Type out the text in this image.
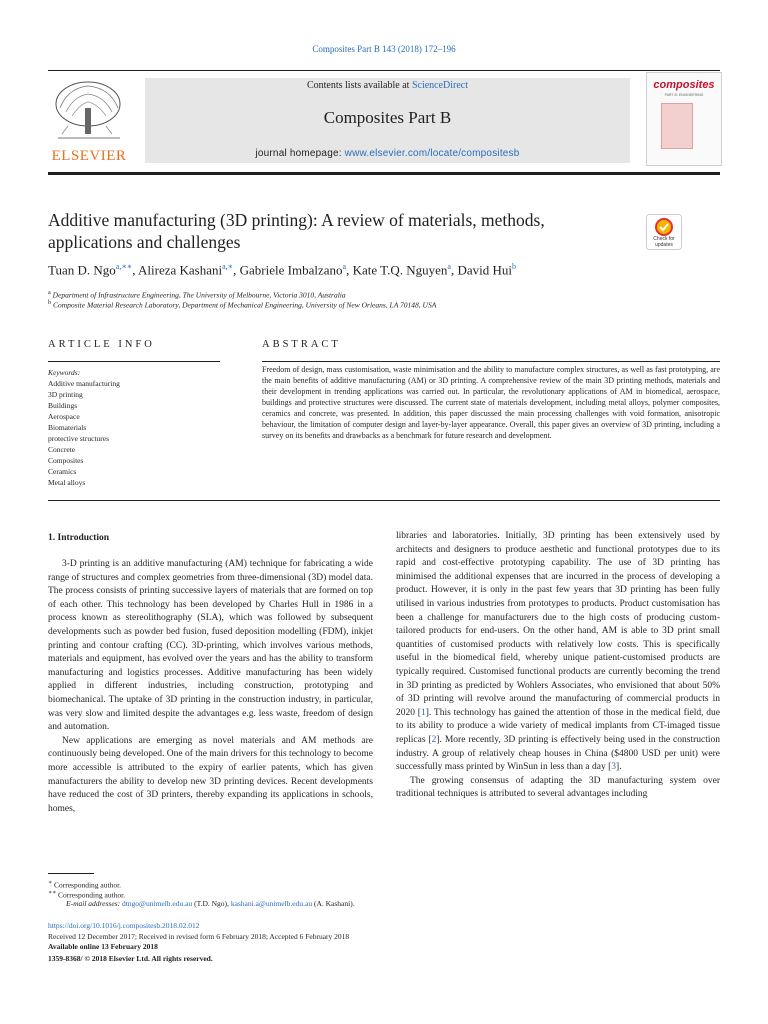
Composites Part B 143 (2018) 172–196
ELSEVIER
Contents lists available at ScienceDirect
Composites Part B
journal homepage: www.elsevier.com/locate/compositesb
composites
PART B: ENGINEERING
Additive manufacturing (3D printing): A review of materials, methods, applications and challenges	Check for updates
Tuan D. Ngo$^{a,∗∗}$, Alireza Kashani$^{a,∗}$, Gabriele Imbalzano$^a$, Kate T.Q. Nguyen$^a$, David Hui$^b$
$^a$ Department of Infrastructure Engineering, The University of Melbourne, Victoria 3010, Australia
$^b$ Composite Material Research Laboratory, Department of Mechanical Engineering, University of New Orleans, LA 70148, USA
ARTICLE INFO	ABSTRACT
Keywords:
Additive manufacturing
3D printing
Buildings
Aerospace
Biomaterials
protective structures
Concrete
Composites
Ceramics
Metal alloys
Freedom of design, mass customisation, waste minimisation and the ability to manufacture complex structures, as well as fast prototyping, are the main benefits of additive manufacturing (AM) or 3D printing. A comprehensive review of the main 3D printing methods, materials and their development in trending applications was carried out. In particular, the revolutionary applications of AM in biomedical, aerospace, buildings and protective structures were discussed. The current state of materials development, including metal alloys, polymer composites, ceramics and concrete, was presented. In addition, this paper discussed the main processing challenges with void formation, anisotropic behaviour, the limitation of computer design and layer-by-layer appearance. Overall, this paper gives an overview of 3D printing, including a survey on its benefits and drawbacks as a benchmark for future research and development.
1. Introduction

3-D printing is an additive manufacturing (AM) technique for fabricating a wide range of structures and complex geometries from three-dimensional (3D) model data. The process consists of printing successive layers of materials that are formed on top of each other. This technology has been developed by Charles Hull in 1986 in a process known as stereolithography (SLA), which was followed by subsequent developments such as powder bed fusion, fused deposition modelling (FDM), inkjet printing and contour crafting (CC). 3D-printing, which involves various methods, materials and equipment, has evolved over the years and has the ability to transform manufacturing and logistics processes. Additive manufacturing has been widely applied in different industries, including construction, prototyping and biomechanical. The uptake of 3D printing in the construction industry, in particular, was very slow and limited despite the advantages e.g. less waste, freedom of design and automation.

New applications are emerging as novel materials and AM methods are continuously being developed. One of the main drivers for this technology to become more accessible is attributed to the expiry of earlier patents, which has given manufacturers the ability to develop new 3D printing devices. Recent developments have reduced the cost of 3D printers, thereby expanding its applications in schools, homes,

libraries and laboratories. Initially, 3D printing has been extensively used by architects and designers to produce aesthetic and functional prototypes due to its rapid and cost-effective prototyping capability. The use of 3D printing has minimised the additional expenses that are incurred in the process of developing a product. However, it is only in the past few years that 3D printing has been fully utilised in various industries from prototypes to products. Product customisation has been a challenge for manufacturers due to the high costs of producing custom-tailored products for end-users. On the other hand, AM is able to 3D print small quantities of customised products with relatively low costs. This is specifically useful in the biomedical field, whereby unique patient-customised products are typically required. Customised functional products are currently becoming the trend in 3D printing as predicted by Wohlers Associates, who envisioned that about 50% of 3D printing will revolve around the manufacturing of commercial products in 2020 [1]. This technology has gained the attention of those in the medical field, due to its ability to produce a wide variety of medical implants from CT-imaged tissue replicas [2]. More recently, 3D printing is effectively being used in the construction industry. A group of relatively cheap houses in China ($4800 USD per unit) were successfully mass printed by WinSun in less than a day [3].

The growing consensus of adapting the 3D manufacturing system over traditional techniques is attributed to several advantages including

∗ Corresponding author.
∗∗ Corresponding author.
E-mail addresses: dtngo@unimelb.edu.au (T.D. Ngo), kashani.a@unimelb.edu.au (A. Kashani).
https://doi.org/10.1016/j.compositesb.2018.02.012
Received 12 December 2017; Received in revised form 6 February 2018; Accepted 6 February 2018
Available online 13 February 2018
1359-8368/ © 2018 Elsevier Ltd. All rights reserved.
